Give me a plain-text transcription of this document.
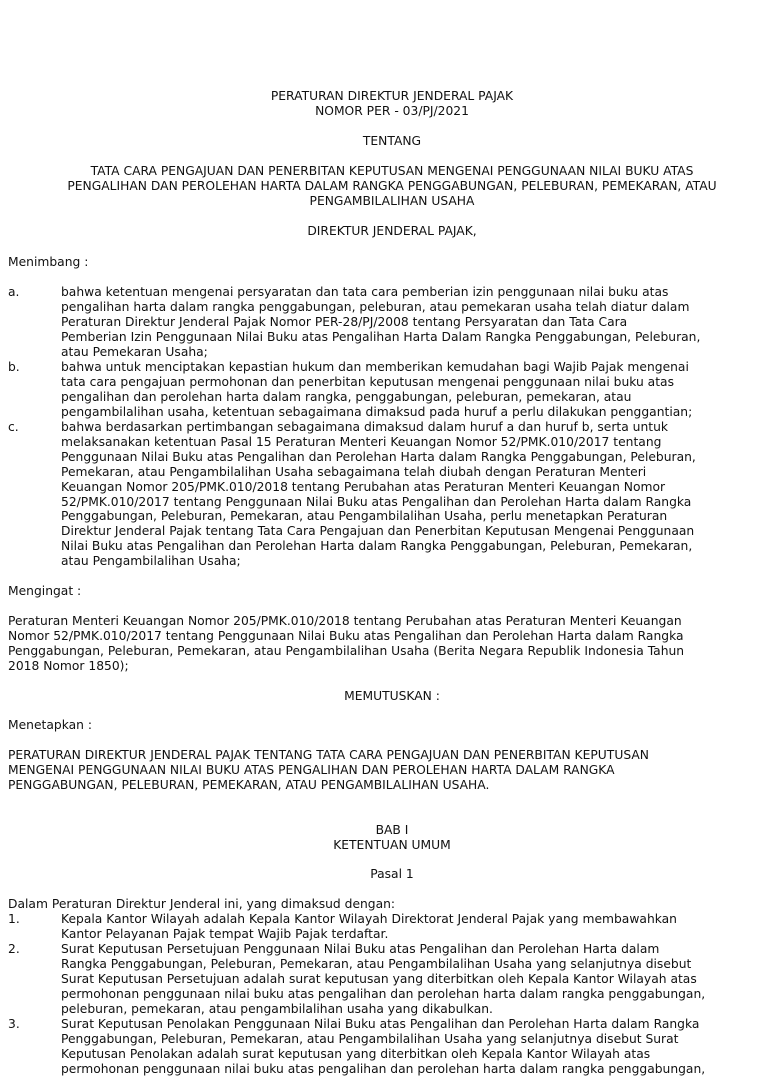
PERATURAN DIREKTUR JENDERAL PAJAK
NOMOR PER - 03/PJ/2021
TENTANG
TATA CARA PENGAJUAN DAN PENERBITAN KEPUTUSAN MENGENAI PENGGUNAAN NILAI BUKU ATAS
PENGALIHAN DAN PEROLEHAN HARTA DALAM RANGKA PENGGABUNGAN, PELEBURAN, PEMEKARAN, ATAU
PENGAMBILALIHAN USAHA
DIREKTUR JENDERAL PAJAK,
Menimbang :
a.	bahwa ketentuan mengenai persyaratan dan tata cara pemberian izin penggunaan nilai buku atas
pengalihan harta dalam rangka penggabungan, peleburan, atau pemekaran usaha telah diatur dalam
Peraturan Direktur Jenderal Pajak Nomor PER-28/PJ/2008 tentang Persyaratan dan Tata Cara
Pemberian Izin Penggunaan Nilai Buku atas Pengalihan Harta Dalam Rangka Penggabungan, Peleburan,
atau Pemekaran Usaha;
b.	bahwa untuk menciptakan kepastian hukum dan memberikan kemudahan bagi Wajib Pajak mengenai
tata cara pengajuan permohonan dan penerbitan keputusan mengenai penggunaan nilai buku atas
pengalihan dan perolehan harta dalam rangka, penggabungan, peleburan, pemekaran, atau
pengambilalihan usaha, ketentuan sebagaimana dimaksud pada huruf a perlu dilakukan penggantian;
c.	bahwa berdasarkan pertimbangan sebagaimana dimaksud dalam huruf a dan huruf b, serta untuk
melaksanakan ketentuan Pasal 15 Peraturan Menteri Keuangan Nomor 52/PMK.010/2017 tentang
Penggunaan Nilai Buku atas Pengalihan dan Perolehan Harta dalam Rangka Penggabungan, Peleburan,
Pemekaran, atau Pengambilalihan Usaha sebagaimana telah diubah dengan Peraturan Menteri
Keuangan Nomor 205/PMK.010/2018 tentang Perubahan atas Peraturan Menteri Keuangan Nomor
52/PMK.010/2017 tentang Penggunaan Nilai Buku atas Pengalihan dan Perolehan Harta dalam Rangka
Penggabungan, Peleburan, Pemekaran, atau Pengambilalihan Usaha, perlu menetapkan Peraturan
Direktur Jenderal Pajak tentang Tata Cara Pengajuan dan Penerbitan Keputusan Mengenai Penggunaan
Nilai Buku atas Pengalihan dan Perolehan Harta dalam Rangka Penggabungan, Peleburan, Pemekaran,
atau Pengambilalihan Usaha;
Mengingat :
Peraturan Menteri Keuangan Nomor 205/PMK.010/2018 tentang Perubahan atas Peraturan Menteri Keuangan
Nomor 52/PMK.010/2017 tentang Penggunaan Nilai Buku atas Pengalihan dan Perolehan Harta dalam Rangka
Penggabungan, Peleburan, Pemekaran, atau Pengambilalihan Usaha (Berita Negara Republik Indonesia Tahun
2018 Nomor 1850);
MEMUTUSKAN :
Menetapkan :
PERATURAN DIREKTUR JENDERAL PAJAK TENTANG TATA CARA PENGAJUAN DAN PENERBITAN KEPUTUSAN
MENGENAI PENGGUNAAN NILAI BUKU ATAS PENGALIHAN DAN PEROLEHAN HARTA DALAM RANGKA
PENGGABUNGAN, PELEBURAN, PEMEKARAN, ATAU PENGAMBILALIHAN USAHA.
BAB I
KETENTUAN UMUM
Pasal 1
Dalam Peraturan Direktur Jenderal ini, yang dimaksud dengan:
1.	Kepala Kantor Wilayah adalah Kepala Kantor Wilayah Direktorat Jenderal Pajak yang membawahkan
Kantor Pelayanan Pajak tempat Wajib Pajak terdaftar.
2.	Surat Keputusan Persetujuan Penggunaan Nilai Buku atas Pengalihan dan Perolehan Harta dalam
Rangka Penggabungan, Peleburan, Pemekaran, atau Pengambilalihan Usaha yang selanjutnya disebut
Surat Keputusan Persetujuan adalah surat keputusan yang diterbitkan oleh Kepala Kantor Wilayah atas
permohonan penggunaan nilai buku atas pengalihan dan perolehan harta dalam rangka penggabungan,
peleburan, pemekaran, atau pengambilalihan usaha yang dikabulkan.
3.	Surat Keputusan Penolakan Penggunaan Nilai Buku atas Pengalihan dan Perolehan Harta dalam Rangka
Penggabungan, Peleburan, Pemekaran, atau Pengambilalihan Usaha yang selanjutnya disebut Surat
Keputusan Penolakan adalah surat keputusan yang diterbitkan oleh Kepala Kantor Wilayah atas
permohonan penggunaan nilai buku atas pengalihan dan perolehan harta dalam rangka penggabungan,
